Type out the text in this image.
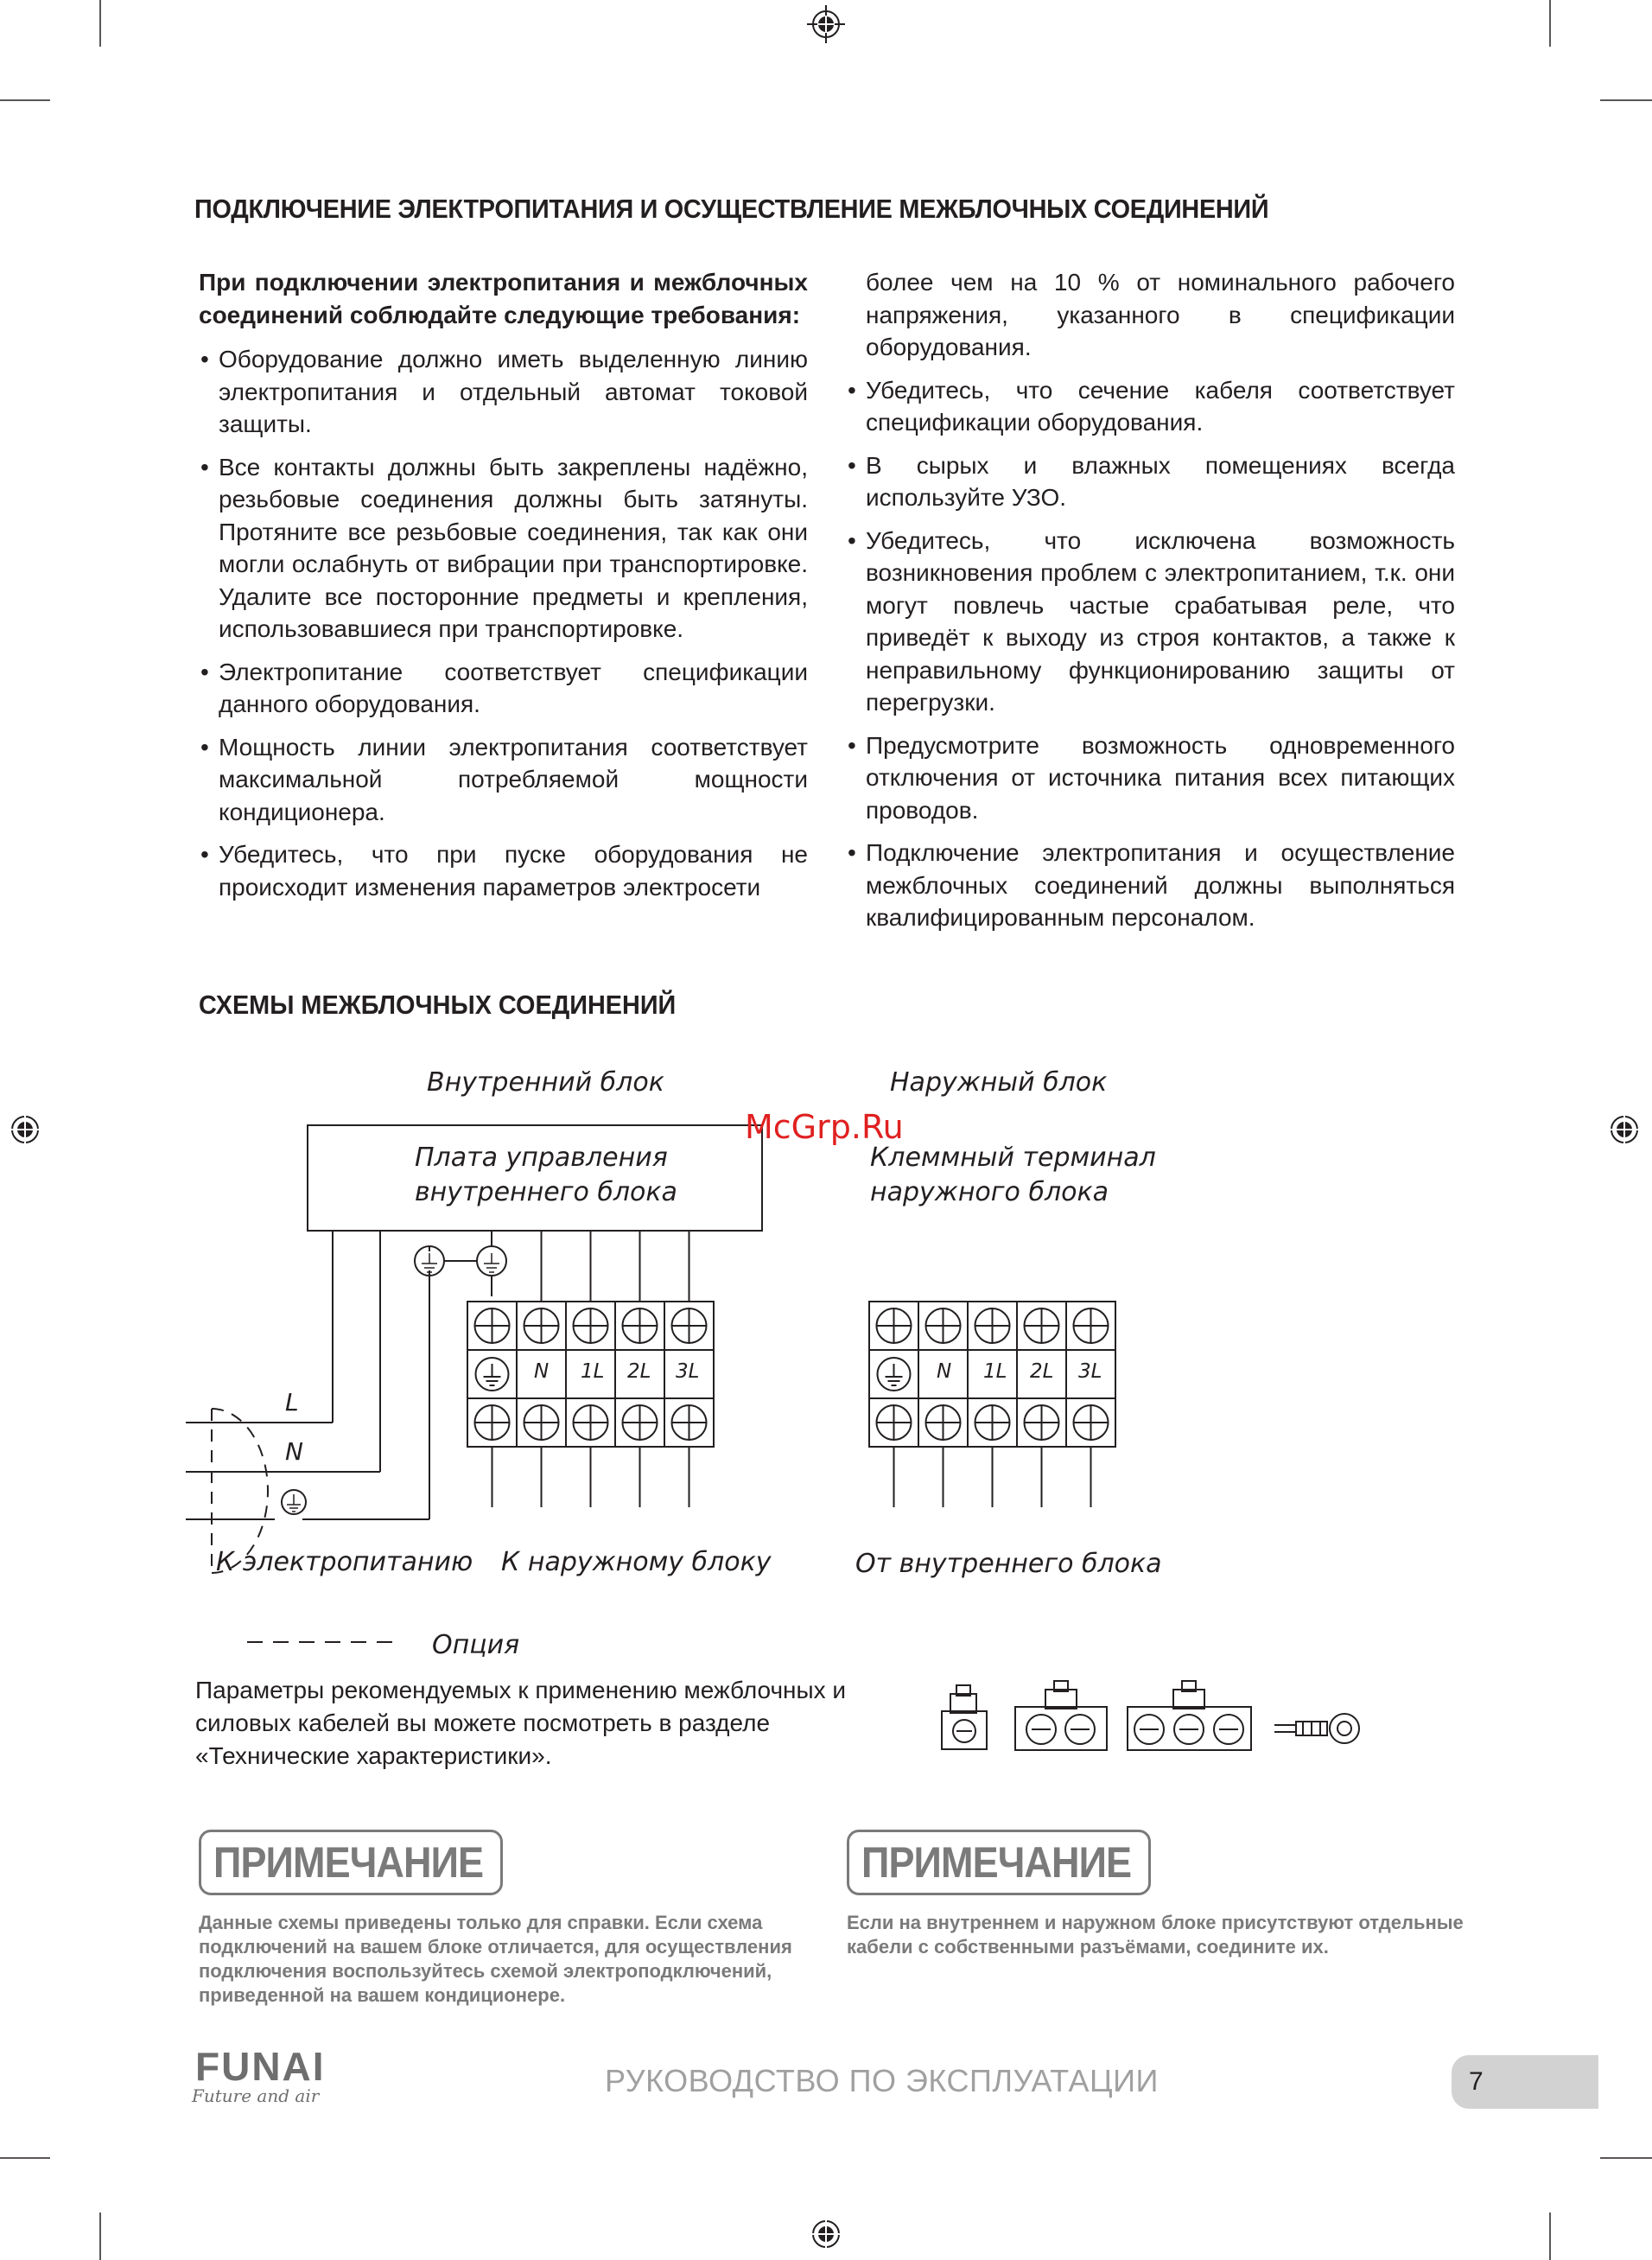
ПОДКЛЮЧЕНИЕ ЭЛЕКТРОПИТАНИЯ И ОСУЩЕСТВЛЕНИЕ МЕЖБЛОЧНЫХ СОЕДИНЕНИЙ

При подключении электропитания и межблочных соединений соблюдайте следующие требования:

• Оборудование должно иметь выделенную линию электропитания и отдельный автомат токовой защиты.
• Все контакты должны быть закреплены надёжно, резьбовые соединения должны быть затянуты. Протяните все резьбовые соединения, так как они могли ослабнуть от вибрации при транспортировке. Удалите все посторонние предметы и крепления, использовавшиеся при транспортировке.
• Электропитание соответствует спецификации данного оборудования.
• Мощность линии электропитания соответствует максимальной потребляемой мощности кондиционера.
• Убедитесь, что при пуске оборудования не происходит изменения параметров электросети

более чем на 10 % от номинального рабочего напряжения, указанного в спецификации оборудования.

• Убедитесь, что сечение кабеля соответствует спецификации оборудования.
• В сырых и влажных помещениях всегда используйте УЗО.
• Убедитесь, что исключена возможность возникновения проблем с электропитанием, т.к. они могут повлечь частые срабатывая реле, что приведёт к выходу из строя контактов, а также к неправильному функционированию защиты от перегрузки.
• Предусмотрите возможность одновременного отключения от источника питания всех питающих проводов.
• Подключение электропитания и осуществление межблочных соединений должны выполняться квалифицированным персоналом.
СХЕМЫ МЕЖБЛОЧНЫХ СОЕДИНЕНИЙ
Внутренний блок	Наружный блок
McGrp.Ru
Плата управления
внутреннего блока
Клеммный терминал
наружного блока
L
N
N 1L 2L 3L	N 1L 2L 3L
К электропитанию К наружному блоку	От внутреннего блока
Опция
Параметры рекомендуемых к применению межблочных и силовых кабелей вы можете посмотреть в разделе «Технические характеристики».
ПРИМЕЧАНИЕ
Данные схемы приведены только для справки. Если схема подключений на вашем блоке отличается, для осуществления подключения воспользуйтесь схемой электроподключений, приведенной на вашем кондиционере.
ПРИМЕЧАНИЕ
Если на внутреннем и наружном блоке присутствуют отдельные кабели с собственными разъёмами, соедините их.
FUNAI
Future and air	РУКОВОДСТВО ПО ЭКСПЛУАТАЦИИ	7
